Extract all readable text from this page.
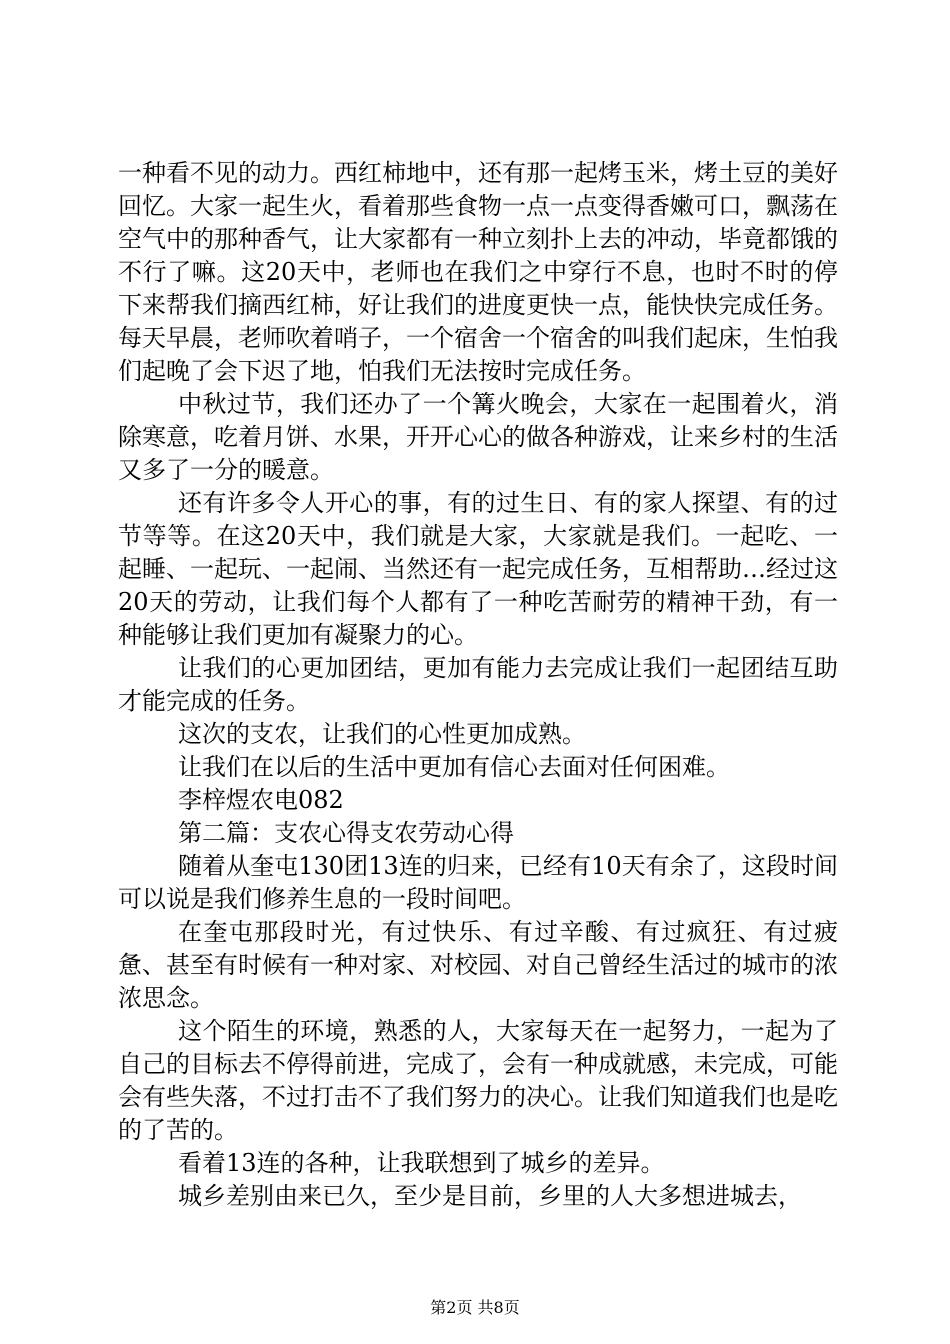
一种看不见的动力。西红柿地中，还有那一起烤玉米，烤土豆的美好回忆。大家一起生火，看着那些食物一点一点变得香嫩可口，飘荡在空气中的那种香气，让大家都有一种立刻扑上去的冲动，毕竟都饿的不行了嘛。这20天中，老师也在我们之中穿行不息，也时不时的停下来帮我们摘西红柿，好让我们的进度更快一点，能快快完成任务。每天早晨，老师吹着哨子，一个宿舍一个宿舍的叫我们起床，生怕我们起晚了会下迟了地，怕我们无法按时完成任务。

中秋过节，我们还办了一个篝火晚会，大家在一起围着火，消除寒意，吃着月饼、水果，开开心心的做各种游戏，让来乡村的生活又多了一分的暖意。

还有许多令人开心的事，有的过生日、有的家人探望、有的过节等等。在这20天中，我们就是大家，大家就是我们。一起吃、一起睡、一起玩、一起闹、当然还有一起完成任务，互相帮助…经过这20天的劳动，让我们每个人都有了一种吃苦耐劳的精神干劲，有一种能够让我们更加有凝聚力的心。

让我们的心更加团结，更加有能力去完成让我们一起团结互助才能完成的任务。

这次的支农，让我们的心性更加成熟。

让我们在以后的生活中更加有信心去面对任何困难。

李梓煜农电082

第二篇：支农心得支农劳动心得

随着从奎屯130团13连的归来，已经有10天有余了，这段时间可以说是我们修养生息的一段时间吧。

在奎屯那段时光，有过快乐、有过辛酸、有过疯狂、有过疲惫、甚至有时候有一种对家、对校园、对自己曾经生活过的城市的浓浓思念。

这个陌生的环境，熟悉的人，大家每天在一起努力，一起为了自己的目标去不停得前进，完成了，会有一种成就感，未完成，可能会有些失落，不过打击不了我们努力的决心。让我们知道我们也是吃的了苦的。

看着13连的各种，让我联想到了城乡的差异。

城乡差别由来已久，至少是目前，乡里的人大多想进城去，

第2页 共8页
